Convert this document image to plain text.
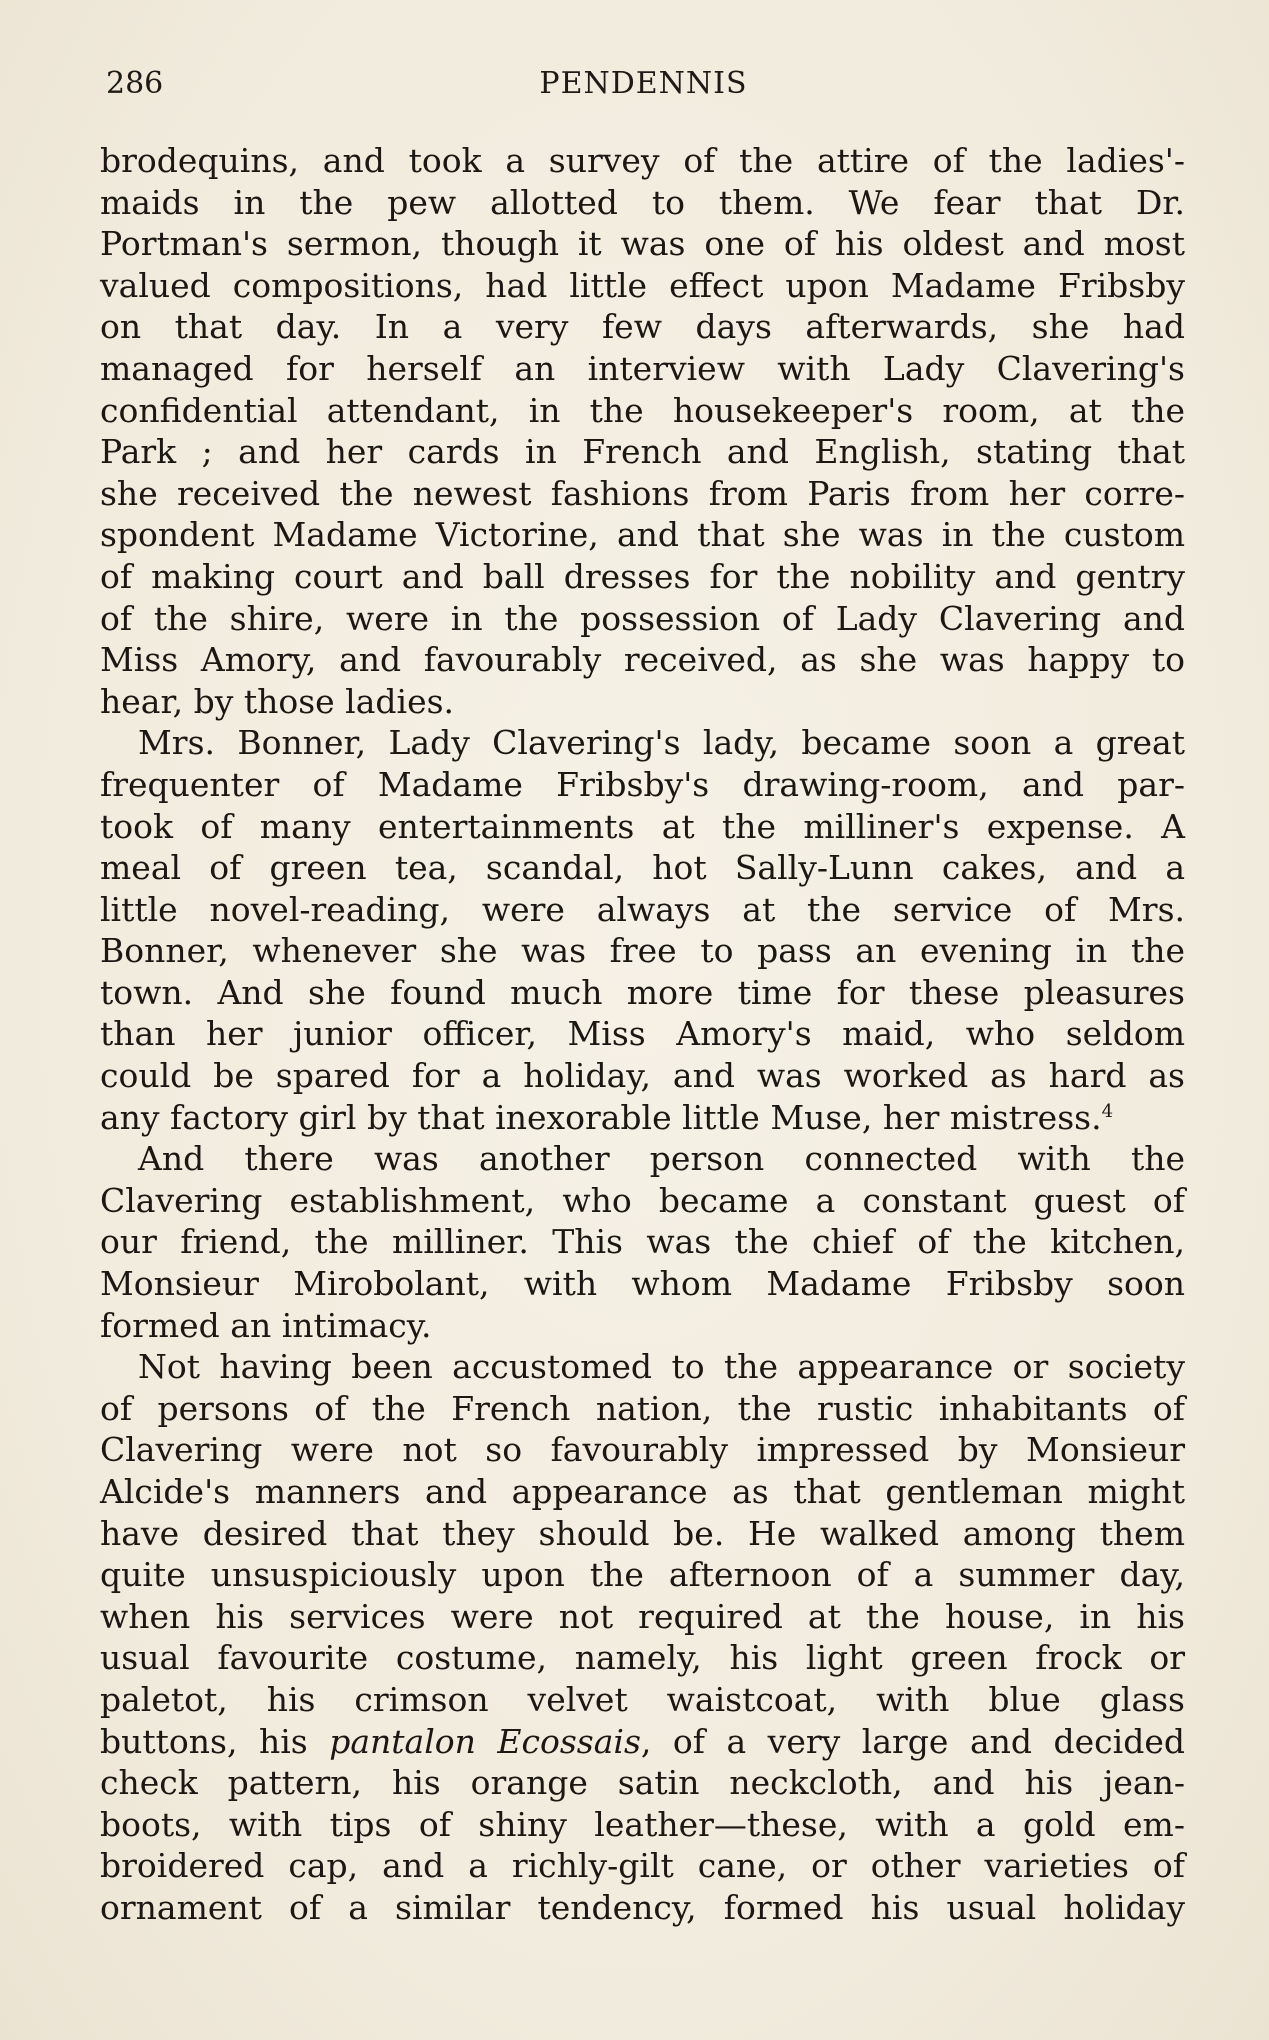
286	PENDENNIS
brodequins, and took a survey of the attire of the ladies'-
maids in the pew allotted to them. We fear that Dr.
Portman's sermon, though it was one of his oldest and most
valued compositions, had little effect upon Madame Fribsby
on that day. In a very few days afterwards, she had
managed for herself an interview with Lady Clavering's
confidential attendant, in the housekeeper's room, at the
Park ; and her cards in French and English, stating that
she received the newest fashions from Paris from her corre-
spondent Madame Victorine, and that she was in the custom
of making court and ball dresses for the nobility and gentry
of the shire, were in the possession of Lady Clavering and
Miss Amory, and favourably received, as she was happy to
hear, by those ladies.
Mrs. Bonner, Lady Clavering's lady, became soon a great
frequenter of Madame Fribsby's drawing-room, and par-
took of many entertainments at the milliner's expense. A
meal of green tea, scandal, hot Sally-Lunn cakes, and a
little novel-reading, were always at the service of Mrs.
Bonner, whenever she was free to pass an evening in the
town. And she found much more time for these pleasures
than her junior officer, Miss Amory's maid, who seldom
could be spared for a holiday, and was worked as hard as
any factory girl by that inexorable little Muse, her mistress.$^4$
And there was another person connected with the
Clavering establishment, who became a constant guest of
our friend, the milliner. This was the chief of the kitchen,
Monsieur Mirobolant, with whom Madame Fribsby soon
formed an intimacy.
Not having been accustomed to the appearance or society
of persons of the French nation, the rustic inhabitants of
Clavering were not so favourably impressed by Monsieur
Alcide's manners and appearance as that gentleman might
have desired that they should be. He walked among them
quite unsuspiciously upon the afternoon of a summer day,
when his services were not required at the house, in his
usual favourite costume, namely, his light green frock or
paletot, his crimson velvet waistcoat, with blue glass
buttons, his pantalon Ecossais, of a very large and decided
check pattern, his orange satin neckcloth, and his jean-
boots, with tips of shiny leather—these, with a gold em-
broidered cap, and a richly-gilt cane, or other varieties of
ornament of a similar tendency, formed his usual holiday
